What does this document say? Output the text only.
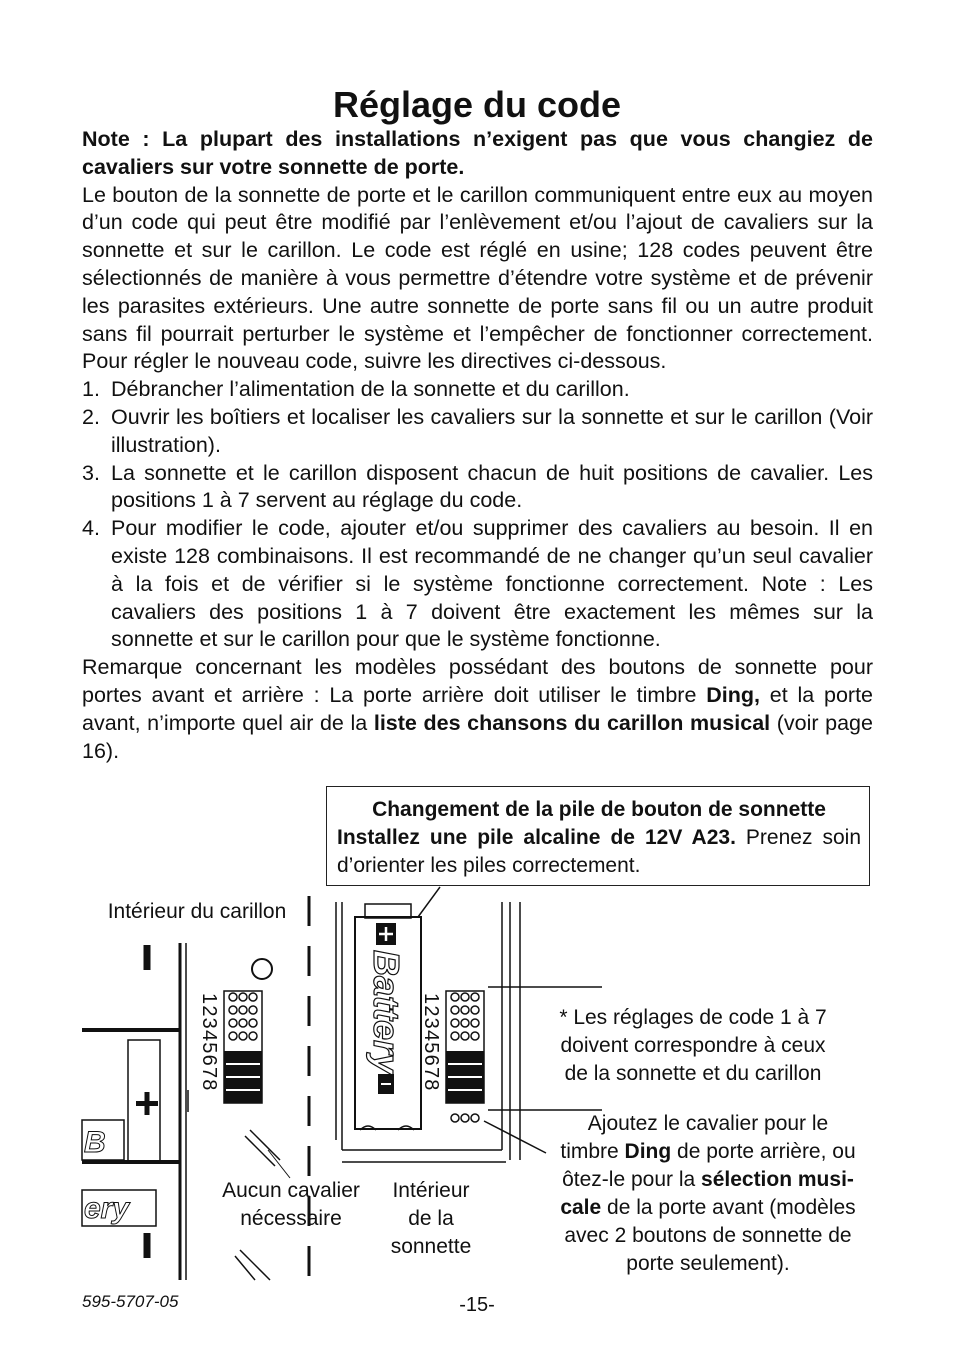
Réglage du code

Note : La plupart des installations n’exigent pas que vous changiez de cavaliers sur votre sonnette de porte.

Le bouton de la sonnette de porte et le carillon communiquent entre eux au moyen d’un code qui peut être modifié par l’enlèvement et/ou l’ajout de cavaliers sur la sonnette et sur le carillon. Le code est réglé en usine; 128 codes peuvent être sélectionnés de manière à vous permettre d’étendre votre système et de prévenir les parasites extérieurs. Une autre sonnette de porte sans fil ou un autre produit sans fil pourrait perturber le système et l’empêcher de fonctionner correctement. Pour régler le nouveau code, suivre les directives ci-dessous.

1. Débrancher l’alimentation de la sonnette et du carillon.
2. Ouvrir les boîtiers et localiser les cavaliers sur la sonnette et sur le carillon (Voir illustration).
3. La sonnette et le carillon disposent chacun de huit positions de cavalier. Les positions 1 à 7 servent au réglage du code.
4. Pour modifier le code, ajouter et/ou supprimer des cavaliers au besoin. Il en existe 128 combinaisons. Il est recommandé de ne changer qu’un seul cavalier à la fois et de vérifier si le système fonctionne correctement. Note : Les cavaliers des positions 1 à 7 doivent être exactement les mêmes sur la sonnette et sur le carillon pour que le système fonctionne.

Remarque concernant les modèles possédant des boutons de sonnette pour portes avant et arrière : La porte arrière doit utiliser le timbre Ding, et la porte avant, n’importe quel air de la liste des chansons du carillon musical (voir page 16).

12345678	12345678
Battery
B
ery
Changement de la pile de bouton de sonnette
Installez une pile alcaline de 12V A23. Prenez soin d’orienter les piles correctement.
Intérieur du carillon
Aucun cavalier
nécessaire
Intérieur
de la
sonnette
* Les réglages de code 1 à 7
doivent correspondre à ceux
de la sonnette et du carillon
Ajoutez le cavalier pour le
timbre Ding de porte arrière, ou
ôtez-le pour la sélection musi-
cale de la porte avant (modèles
avec 2 boutons de sonnette de
porte seulement).
595-5707-05	-15-
